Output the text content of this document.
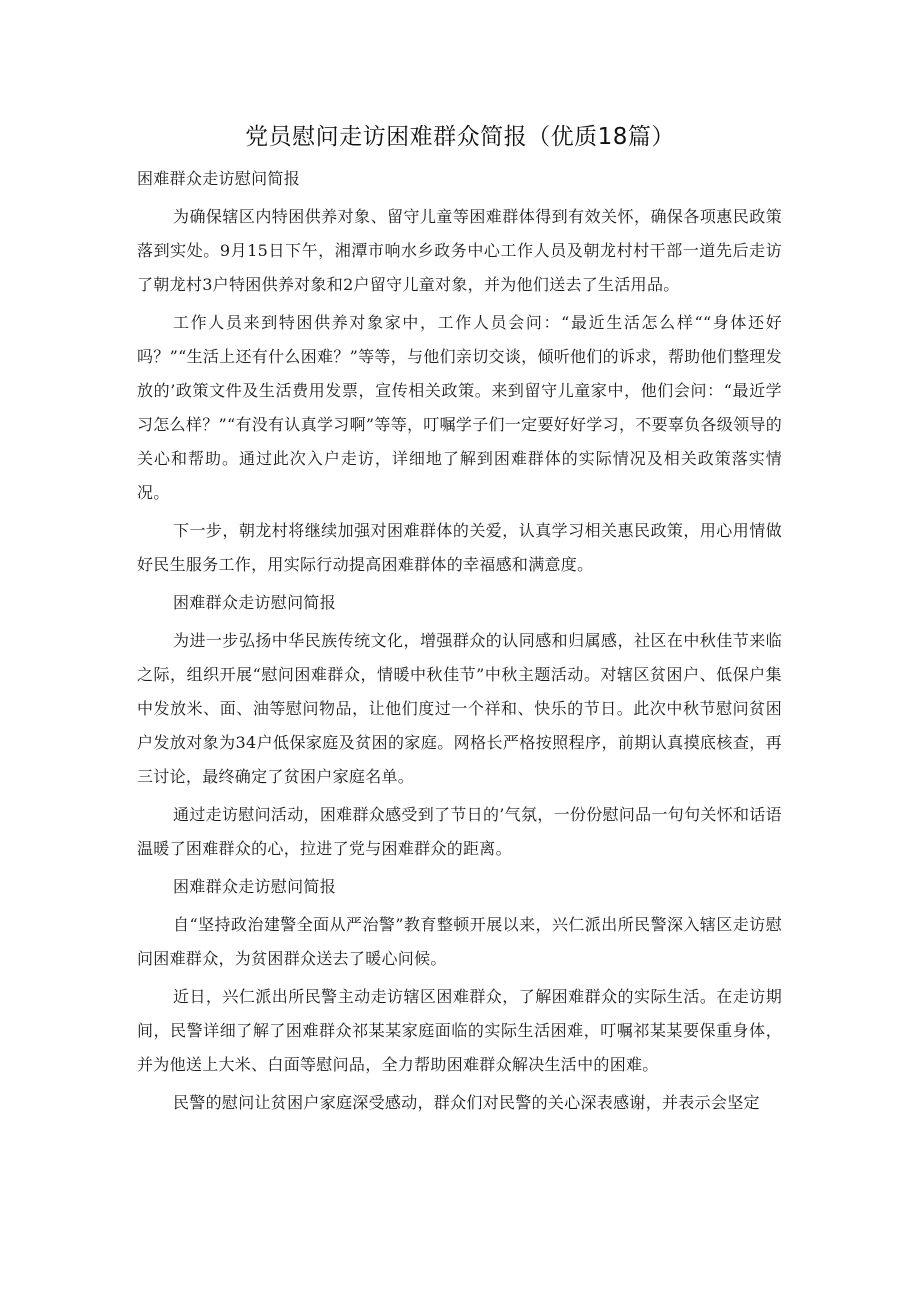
党员慰问走访困难群众简报（优质18篇）

困难群众走访慰问简报

为确保辖区内特困供养对象、留守儿童等困难群体得到有效关怀，确保各项惠民政策落到实处。9月15日下午，湘潭市响水乡政务中心工作人员及朝龙村村干部一道先后走访了朝龙村3户特困供养对象和2户留守儿童对象，并为他们送去了生活用品。

工作人员来到特困供养对象家中，工作人员会问：“最近生活怎么样““身体还好吗？”“生活上还有什么困难？”等等，与他们亲切交谈，倾听他们的诉求，帮助他们整理发放的’政策文件及生活费用发票，宣传相关政策。来到留守儿童家中，他们会问：“最近学习怎么样？”“有没有认真学习啊”等等，叮嘱学子们一定要好好学习，不要辜负各级领导的关心和帮助。通过此次入户走访，详细地了解到困难群体的实际情况及相关政策落实情况。

下一步，朝龙村将继续加强对困难群体的关爱，认真学习相关惠民政策，用心用情做好民生服务工作，用实际行动提高困难群体的幸福感和满意度。

困难群众走访慰问简报

为进一步弘扬中华民族传统文化，增强群众的认同感和归属感，社区在中秋佳节来临之际，组织开展“慰问困难群众，情暖中秋佳节”中秋主题活动。对辖区贫困户、低保户集中发放米、面、油等慰问物品，让他们度过一个祥和、快乐的节日。此次中秋节慰问贫困户发放对象为34户低保家庭及贫困的家庭。网格长严格按照程序，前期认真摸底核查，再三讨论，最终确定了贫困户家庭名单。

通过走访慰问活动，困难群众感受到了节日的’气氛，一份份慰问品一句句关怀和话语温暖了困难群众的心，拉进了党与困难群众的距离。

困难群众走访慰问简报

自“坚持政治建警全面从严治警”教育整顿开展以来，兴仁派出所民警深入辖区走访慰问困难群众，为贫困群众送去了暖心问候。

近日，兴仁派出所民警主动走访辖区困难群众，了解困难群众的实际生活。在走访期间，民警详细了解了困难群众祁某某家庭面临的实际生活困难，叮嘱祁某某要保重身体，并为他送上大米、白面等慰问品，全力帮助困难群众解决生活中的困难。

民警的慰问让贫困户家庭深受感动，群众们对民警的关心深表感谢，并表示会坚定
